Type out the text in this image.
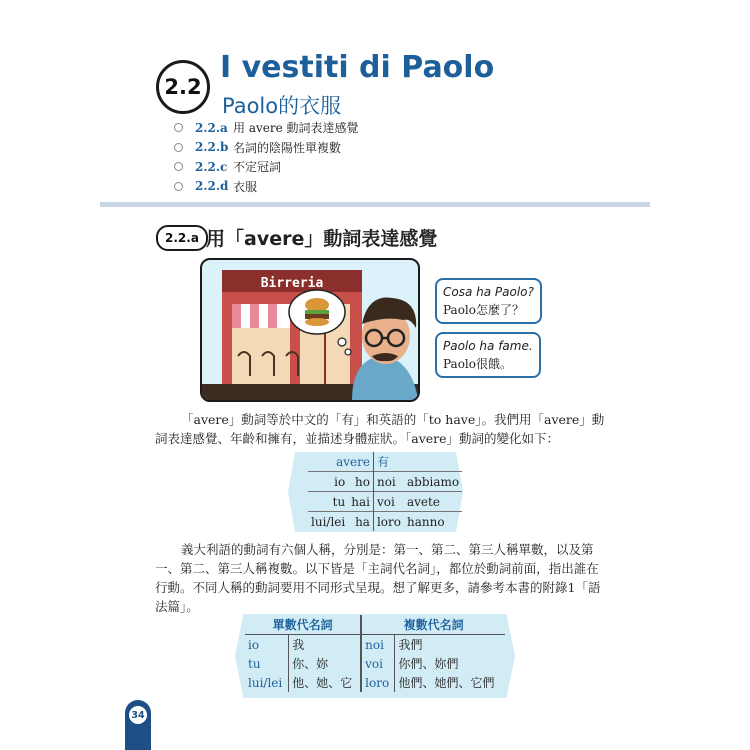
2.2
I vestiti di Paolo
Paolo的衣服
2.2.a 用 avere 動詞表達感覺
2.2.b 名詞的陰陽性單複數
2.2.c 不定冠詞
2.2.d 衣服
2.2.a 用「avere」動詞表達感覺
Birreria
Cosa ha Paolo?
Paolo怎麼了？
Paolo ha fame.
Paolo很餓。
「avere」動詞等於中文的「有」和英語的「to have」。我們用「avere」動
詞表達感覺、年齡和擁有，並描述身體症狀。「avere」動詞的變化如下：
avere		有	
io	ho	noi	abbiamo
tu	hai	voi	avete
lui/lei	ha	loro	hanno
義大利語的動詞有六個人稱，分別是：第一、第二、第三人稱單數，以及第
一、第二、第三人稱複數。以下皆是「主詞代名詞」，都位於動詞前面，指出誰在
行動。不同人稱的動詞要用不同形式呈現。想了解更多，請參考本書的附錄1「語
法篇」。
單數代名詞		複數代名詞	
io	我	noi	我們
tu	你、妳	voi	你們、妳們
lui/lei	他、她、它	loro	他們、她們、它們
34
